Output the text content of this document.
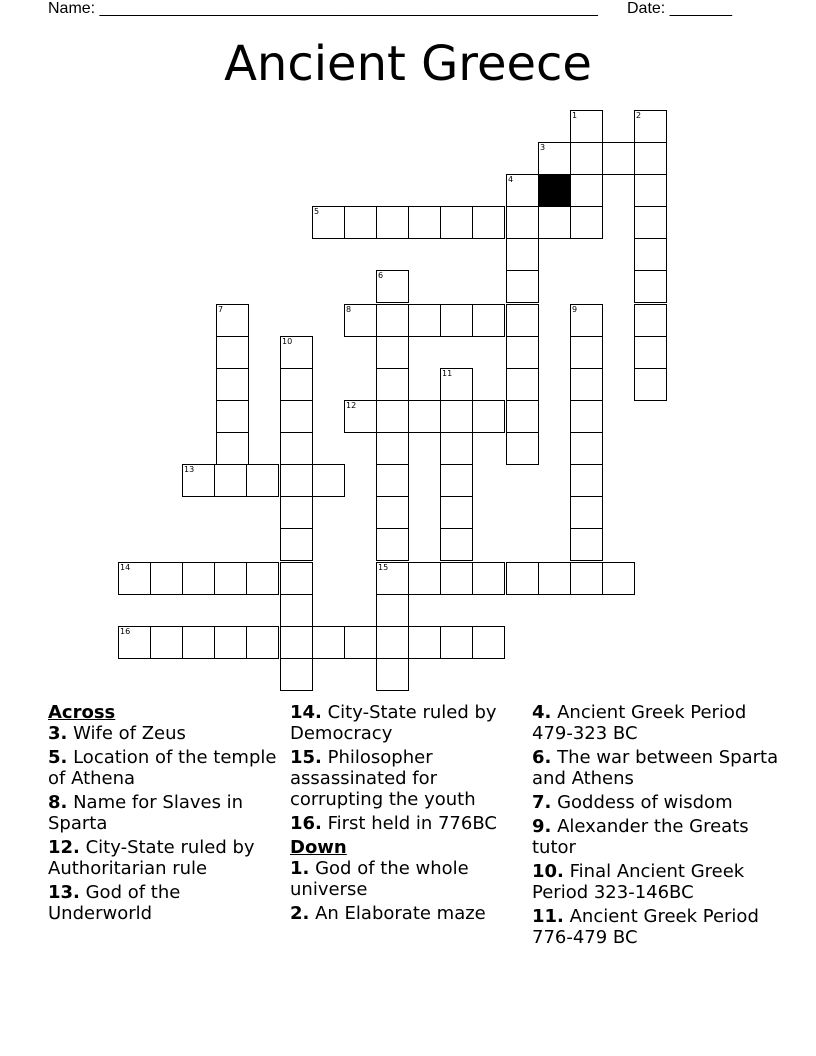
Name: ________________________________________________________ Date: _______
Ancient Greece
1	2
3
4
5
6
7	8	9
10
11
12
13
14	15
16
Across
3. Wife of Zeus
5. Location of the temple of Athena
8. Name for Slaves in Sparta
12. City-State ruled by Authoritarian rule
13. God of the Underworld
14. City-State ruled by Democracy
15. Philosopher assassinated for corrupting the youth
16. First held in 776BC
Down
1. God of the whole universe
2. An Elaborate maze
4. Ancient Greek Period 479-323 BC
6. The war between Sparta and Athens
7. Goddess of wisdom
9. Alexander the Greats tutor
10. Final Ancient Greek Period 323-146BC
11. Ancient Greek Period 776-479 BC
